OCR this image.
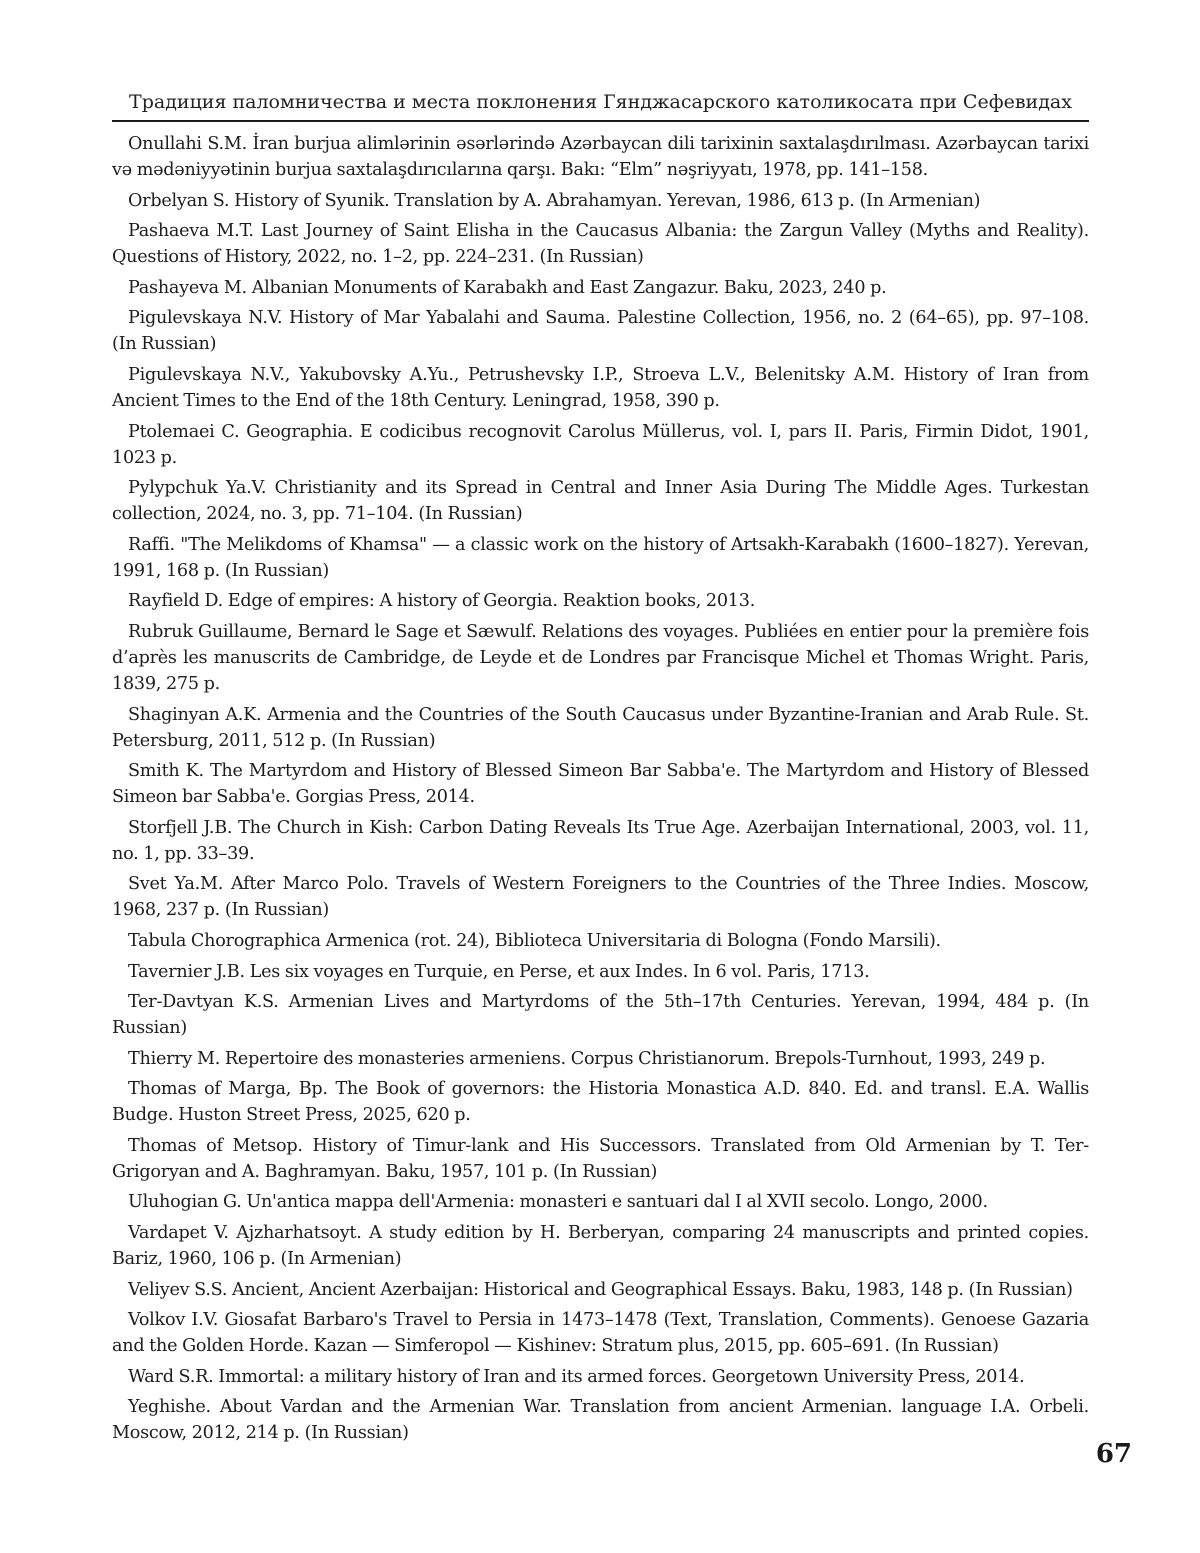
Традиция паломничества и места поклонения Гянджасарского католикосата при Сефевидах
Onullahi S.M. İran burjua alimlərinin əsərlərində Azərbaycan dili tarixinin saxtalaşdırılması. Azərbaycan tarixi və mədəniyyətinin burjua saxtalaşdırıcılarına qarşı. Bakı: “Elm” nəşriyyatı, 1978, pp. 141–158.
Orbelyan S. History of Syunik. Translation by A. Abrahamyan. Yerevan, 1986, 613 p. (In Armenian)
Pashaeva M.T. Last Journey of Saint Elisha in the Caucasus Albania: the Zargun Valley (Myths and Reality). Questions of History, 2022, no. 1–2, pp. 224–231. (In Russian)
Pashayeva M. Albanian Monuments of Karabakh and East Zangazur. Baku, 2023, 240 p.
Pigulevskaya N.V. History of Mar Yabalahi and Sauma. Palestine Collection, 1956, no. 2 (64–65), pp. 97–108. (In Russian)
Pigulevskaya N.V., Yakubovsky A.Yu., Petrushevsky I.P., Stroeva L.V., Belenitsky A.M. History of Iran from Ancient Times to the End of the 18th Century. Leningrad, 1958, 390 p.
Ptolemaei C. Geographia. E codicibus recognovit Carolus Müllerus, vol. I, pars II. Paris, Firmin Didot, 1901, 1023 p.
Pylypchuk Ya.V. Christianity and its Spread in Central and Inner Asia During The Middle Ages. Turkestan collection, 2024, no. 3, pp. 71–104. (In Russian)
Raffi. "The Melikdoms of Khamsa" — a classic work on the history of Artsakh-Karabakh (1600–1827). Yerevan, 1991, 168 p. (In Russian)
Rayfield D. Edge of empires: A history of Georgia. Reaktion books, 2013.
Rubruk Guillaume, Bernard le Sage et Sæwulf. Relations des voyages. Publiées en entier pour la première fois d’après les manuscrits de Cambridge, de Leyde et de Londres par Francisque Michel et Thomas Wright. Paris, 1839, 275 p.
Shaginyan A.K. Armenia and the Countries of the South Caucasus under Byzantine-Iranian and Arab Rule. St. Petersburg, 2011, 512 p. (In Russian)
Smith K. The Martyrdom and History of Blessed Simeon Bar Sabba'e. The Martyrdom and History of Blessed Simeon bar Sabba'e. Gorgias Press, 2014.
Storfjell J.B. The Church in Kish: Carbon Dating Reveals Its True Age. Azerbaijan International, 2003, vol. 11, no. 1, pp. 33–39.
Svet Ya.M. After Marco Polo. Travels of Western Foreigners to the Countries of the Three Indies. Moscow, 1968, 237 p. (In Russian)
Tabula Chorographica Armenica (rot. 24), Biblioteca Universitaria di Bologna (Fondo Marsili).
Tavernier J.B. Les six voyages en Turquie, en Perse, et aux Indes. In 6 vol. Paris, 1713.
Ter-Davtyan K.S. Armenian Lives and Martyrdoms of the 5th–17th Centuries. Yerevan, 1994, 484 p. (In Russian)
Thierry M. Repertoire des monasteries armeniens. Corpus Christianorum. Brepols-Turnhout, 1993, 249 p.
Thomas of Marga, Bp. The Book of governors: the Historia Monastica A.D. 840. Ed. and transl. E.A. Wallis Budge. Huston Street Press, 2025, 620 p.
Thomas of Metsop. History of Timur-lank and His Successors. Translated from Old Armenian by T. Ter-Grigoryan and A. Baghramyan. Baku, 1957, 101 p. (In Russian)
Uluhogian G. Un'antica mappa dell'Armenia: monasteri e santuari dal I al XVII secolo. Longo, 2000.
Vardapet V. Ajzharhatsoyt. A study edition by H. Berberyan, comparing 24 manuscripts and printed copies. Bariz, 1960, 106 p. (In Armenian)
Veliyev S.S. Ancient, Ancient Azerbaijan: Historical and Geographical Essays. Baku, 1983, 148 p. (In Russian)
Volkov I.V. Giosafat Barbaro's Travel to Persia in 1473–1478 (Text, Translation, Comments). Genoese Gazaria and the Golden Horde. Kazan — Simferopol — Kishinev: Stratum plus, 2015, pp. 605–691. (In Russian)
Ward S.R. Immortal: a military history of Iran and its armed forces. Georgetown University Press, 2014.
Yeghishe. About Vardan and the Armenian War. Translation from ancient Armenian. language I.A. Orbeli. Moscow, 2012, 214 p. (In Russian)
67
